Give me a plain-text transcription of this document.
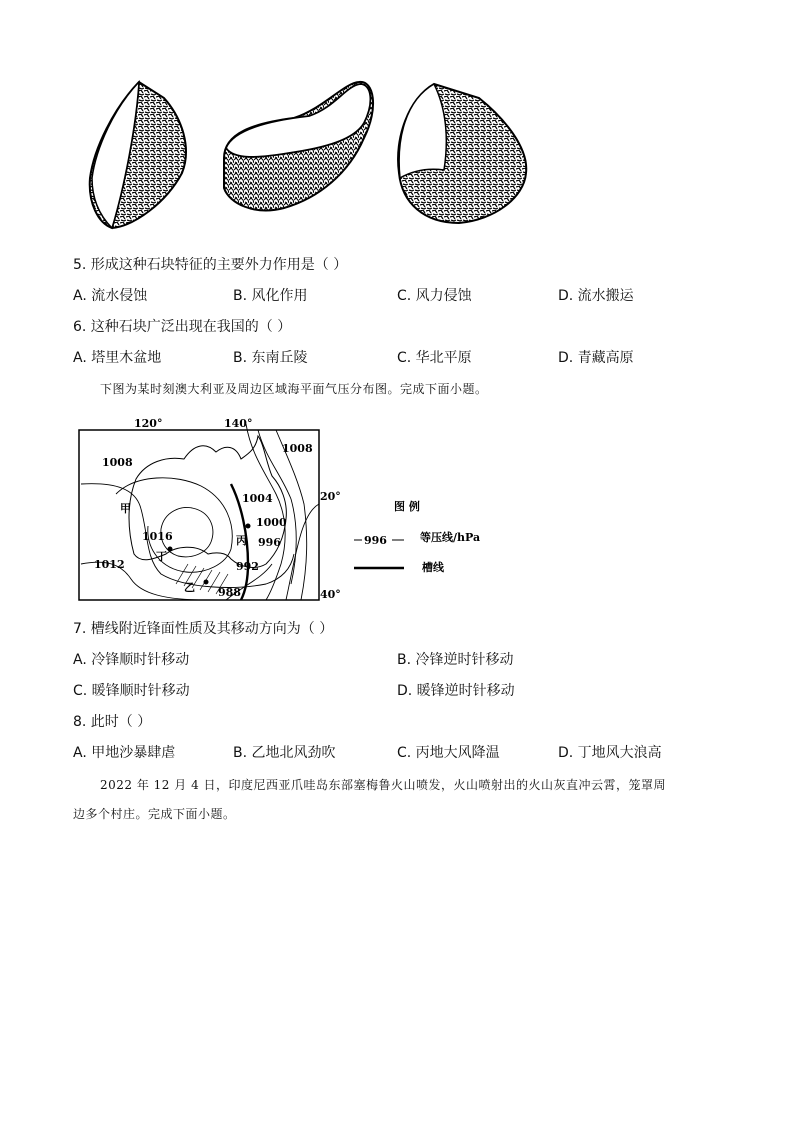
5. 形成这种石块特征的主要外力作用是（ ）
A. 流水侵蚀	B. 风化作用	C. 风力侵蚀	D. 流水搬运
6. 这种石块广泛出现在我国的（ ）
A. 塔里木盆地	B. 东南丘陵	C. 华北平原	D. 青藏高原
下图为某时刻澳大利亚及周边区域海平面气压分布图。完成下面小题。
120°	140°
20°
40°
1008
1008
1004
1000
996
1016
1012	992
988
甲
乙
丙
丁
图 例
996	等压线/hPa
槽线
7. 槽线附近锋面性质及其移动方向为（ ）
A. 冷锋顺时针移动	B. 冷锋逆时针移动
C. 暖锋顺时针移动	D. 暖锋逆时针移动
8. 此时（ ）
A. 甲地沙暴肆虐	B. 乙地北风劲吹	C. 丙地大风降温	D. 丁地风大浪高
2022 年 12 月 4 日，印度尼西亚爪哇岛东部塞梅鲁火山喷发，火山喷射出的火山灰直冲云霄，笼罩周
边多个村庄。完成下面小题。
